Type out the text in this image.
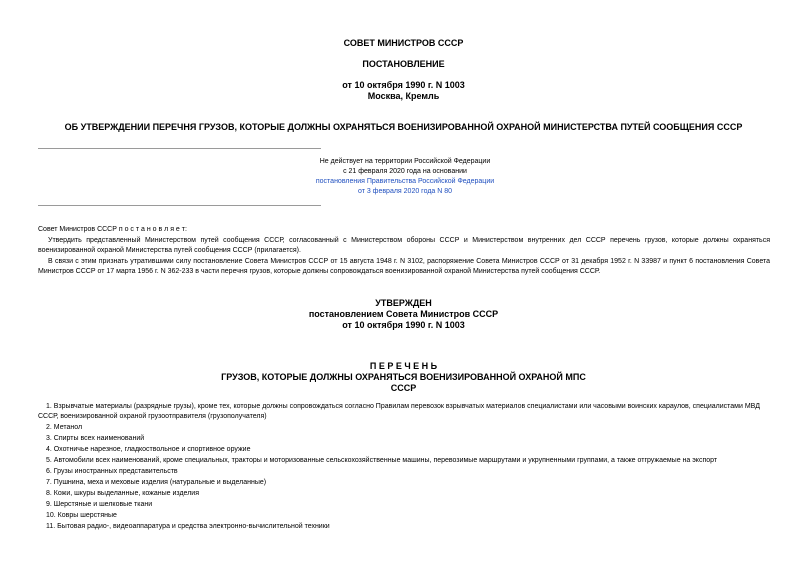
СОВЕТ МИНИСТРОВ СССР
ПОСТАНОВЛЕНИЕ
от 10 октября 1990 г. N 1003
Москва, Кремль
ОБ УТВЕРЖДЕНИИ ПЕРЕЧНЯ ГРУЗОВ, КОТОРЫЕ ДОЛЖНЫ ОХРАНЯТЬСЯ ВОЕНИЗИРОВАННОЙ ОХРАНОЙ МИНИСТЕРСТВА ПУТЕЙ СООБЩЕНИЯ СССР
Не действует на территории Российской Федерации
с 21 февраля 2020 года на основании
постановления Правительства Российской Федерации
от 3 февраля 2020 года N 80
Совет Министров СССР п о с т а н о в л я е т:
Утвердить представленный Министерством путей сообщения СССР, согласованный с Министерством обороны СССР и Министерством внутренних дел СССР перечень грузов, которые должны охраняться военизированной охраной Министерства путей сообщения СССР (прилагается).
В связи с этим признать утратившими силу постановление Совета Министров СССР от 15 августа 1948 г. N 3102, распоряжение Совета Министров СССР от 31 декабря 1952 г. N 33987 и пункт 6 постановления Совета Министров СССР от 17 марта 1956 г. N 362-233 в части перечня грузов, которые должны сопровождаться военизированной охраной Министерства путей сообщения СССР.
УТВЕРЖДЕН
постановлением Совета Министров СССР
от 10 октября 1990 г. N 1003
П Е Р Е Ч Е Н Ь
ГРУЗОВ, КОТОРЫЕ ДОЛЖНЫ ОХРАНЯТЬСЯ ВОЕНИЗИРОВАННОЙ ОХРАНОЙ МПС
СССР
1. Взрывчатые материалы (разрядные грузы), кроме тех, которые должны сопровождаться согласно Правилам перевозок взрывчатых материалов специалистами или часовыми воинских караулов, специалистами МВД СССР, военизированной охраной грузоотправителя (грузополучателя)
2. Метанол
3. Спирты всех наименований
4. Охотничье нарезное, гладкоствольное и спортивное оружие
5. Автомобили всех наименований, кроме специальных, тракторы и моторизованные сельскохозяйственные машины, перевозимые маршрутами и укрупненными группами, а также отгружаемые на экспорт
6. Грузы иностранных представительств
7. Пушнина, меха и меховые изделия (натуральные и выделанные)
8. Кожи, шкуры выделанные, кожаные изделия
9. Шерстяные и шелковые ткани
10. Ковры шерстяные
11. Бытовая радио-, видеоаппаратура и средства электронно-вычислительной техники
